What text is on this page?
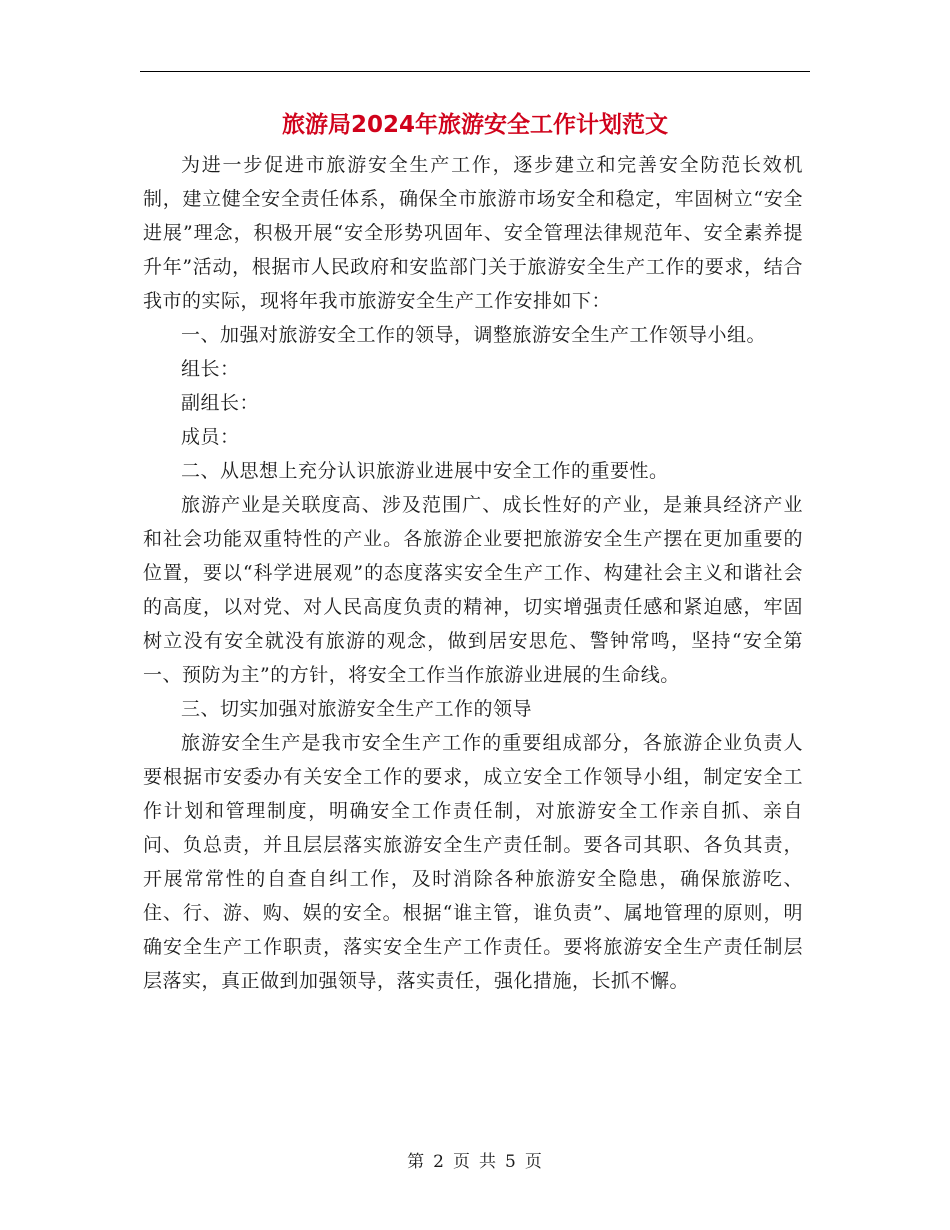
旅游局2024年旅游安全工作计划范文

为进一步促进市旅游安全生产工作，逐步建立和完善安全防范长效机制，建立健全安全责任体系，确保全市旅游市场安全和稳定，牢固树立“安全进展”理念，积极开展“安全形势巩固年、安全管理法律规范年、安全素养提升年”活动，根据市人民政府和安监部门关于旅游安全生产工作的要求，结合我市的实际，现将年我市旅游安全生产工作安排如下：

一、加强对旅游安全工作的领导，调整旅游安全生产工作领导小组。

组长：

副组长：

成员：

二、从思想上充分认识旅游业进展中安全工作的重要性。

旅游产业是关联度高、涉及范围广、成长性好的产业，是兼具经济产业和社会功能双重特性的产业。各旅游企业要把旅游安全生产摆在更加重要的位置，要以“科学进展观”的态度落实安全生产工作、构建社会主义和谐社会的高度，以对党、对人民高度负责的精神，切实增强责任感和紧迫感，牢固树立没有安全就没有旅游的观念，做到居安思危、警钟常鸣，坚持“安全第一、预防为主”的方针，将安全工作当作旅游业进展的生命线。

三、切实加强对旅游安全生产工作的领导

旅游安全生产是我市安全生产工作的重要组成部分，各旅游企业负责人要根据市安委办有关安全工作的要求，成立安全工作领导小组，制定安全工作计划和管理制度，明确安全工作责任制，对旅游安全工作亲自抓、亲自问、负总责，并且层层落实旅游安全生产责任制。要各司其职、各负其责，开展常常性的自查自纠工作，及时消除各种旅游安全隐患，确保旅游吃、住、行、游、购、娱的安全。根据“谁主管，谁负责”、属地管理的原则，明确安全生产工作职责，落实安全生产工作责任。要将旅游安全生产责任制层层落实，真正做到加强领导，落实责任，强化措施，长抓不懈。

第 2 页 共 5 页
